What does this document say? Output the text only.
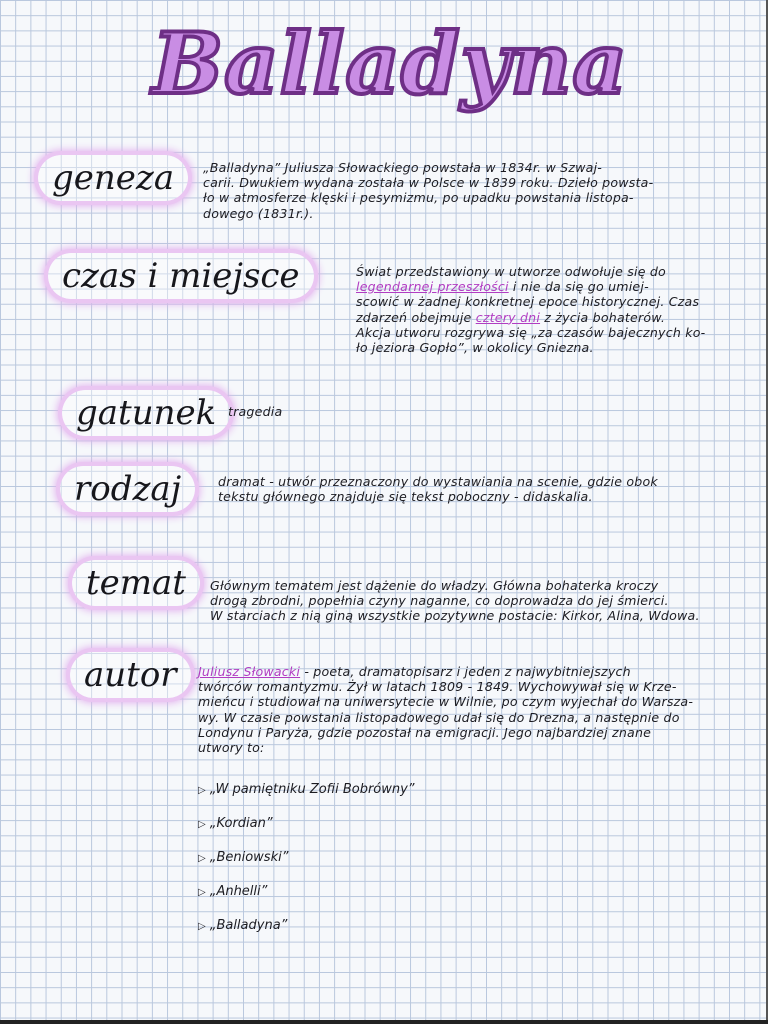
Balladyna
geneza	„Balladyna” Juliusza Słowackiego powstała w 1834r. w Szwaj-
carii. Dwukiem wydana została w Polsce w 1839 roku. Dzieło powsta-
ło w atmosferze klęski i pesymizmu, po upadku powstania listopa-
dowego (1831r.).
czas i miejsce	Świat przedstawiony w utworze odwołuje się do
legendarnej przeszłości i nie da się go umiej-
scowić w żadnej konkretnej epoce historycznej. Czas
zdarzeń obejmuje cztery dni z życia bohaterów.
Akcja utworu rozgrywa się „za czasów bajecznych ko-
ło jeziora Gopło”, w okolicy Gniezna.
gatunek tragedia
rodzaj	dramat - utwór przeznaczony do wystawiania na scenie, gdzie obok
tekstu głównego znajduje się tekst poboczny - didaskalia.
temat	Głównym tematem jest dążenie do władzy. Główna bohaterka kroczy
drogą zbrodni, popełnia czyny naganne, co doprowadza do jej śmierci.
W starciach z nią giną wszystkie pozytywne postacie: Kirkor, Alina, Wdowa.
autor	Juliusz Słowacki - poeta, dramatopisarz i jeden z najwybitniejszych
twórców romantyzmu. Żył w latach 1809 - 1849. Wychowywał się w Krze-
mieńcu i studiował na uniwersytecie w Wilnie, po czym wyjechał do Warsza-
wy. W czasie powstania listopadowego udał się do Drezna, a następnie do
Londynu i Paryża, gdzie pozostał na emigracji. Jego najbardziej znane
utwory to:
▷ „W pamiętniku Zofii Bobrówny”
▷ „Kordian”
▷ „Beniowski”
▷ „Anhelli”
▷ „Balladyna”
